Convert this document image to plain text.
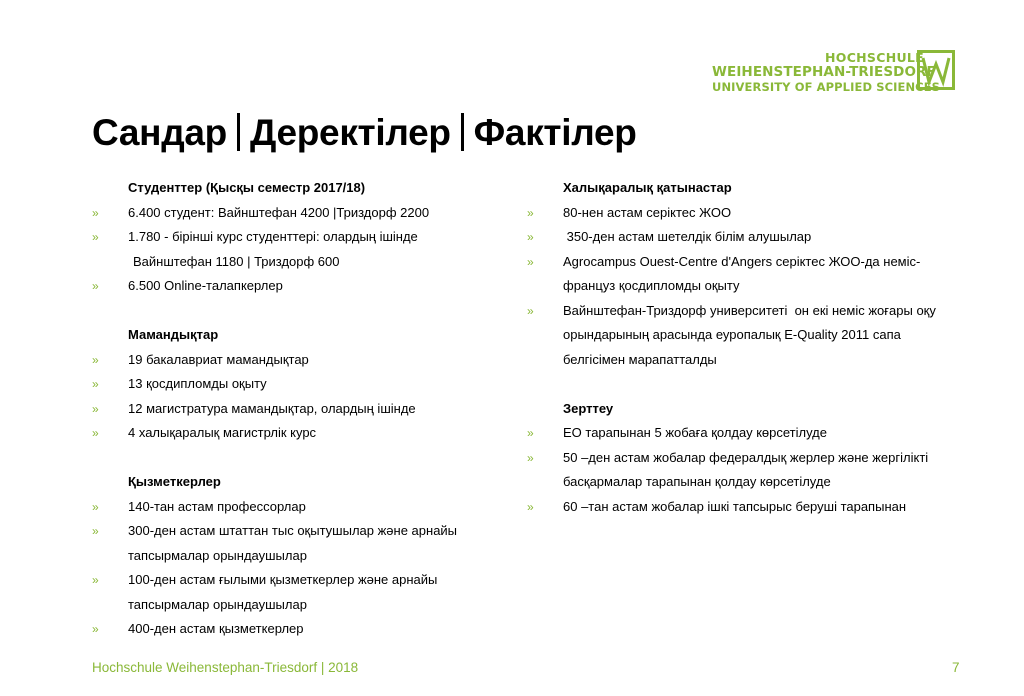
HOCHSCHULE
WEIHENSTEPHAN-TRIESDORF
UNIVERSITY OF APPLIED SCIENCES
Сандар Деректілер Фактілер
Студенттер (Қысқы семестр 2017/18)
» 6.400 студент: Вайнштефан 4200 |Триздорф 2200
» 1.780 - бірінші курс студенттері: олардың ішінде
Вайнштефан 1180 | Триздорф 600
» 6.500 Online-талапкерлер
Мамандықтар
» 19 бакалавриат мамандықтар
» 13 қосдипломды оқыту
» 12 магистратура мамандықтар, олардың ішінде
» 4 халықаралық магистрлік курс
Қызметкерлер
» 140-тан астам профессорлар
» 300-ден астам штаттан тыс оқытушылар және арнайы
тапсырмалар орындаушылар
» 100-ден астам ғылыми қызметкерлер және арнайы
тапсырмалар орындаушылар
» 400-ден астам қызметкерлер
Халықаралық қатынастар
» 80-нен астам серіктес ЖОО
» 350-ден астам шетелдік білім алушылар
» Agrocampus Ouest-Centre d'Angers серіктес ЖОО-да неміс-
француз қосдипломды оқыту
» Вайнштефан-Триздорф университеті  он екі неміс жоғары оқу
орындарының арасында еуропалық E-Quality 2011 сапа
белгісімен марапатталды
Зерттеу
» ЕО тарапынан 5 жобаға қолдау көрсетілуде
» 50 –ден астам жобалар федералдық жерлер және жергілікті
басқармалар тарапынан қолдау көрсетілуде
» 60 –тан астам жобалар ішкі тапсырыс беруші тарапынан
Hochschule Weihenstephan-Triesdorf | 2018	7
